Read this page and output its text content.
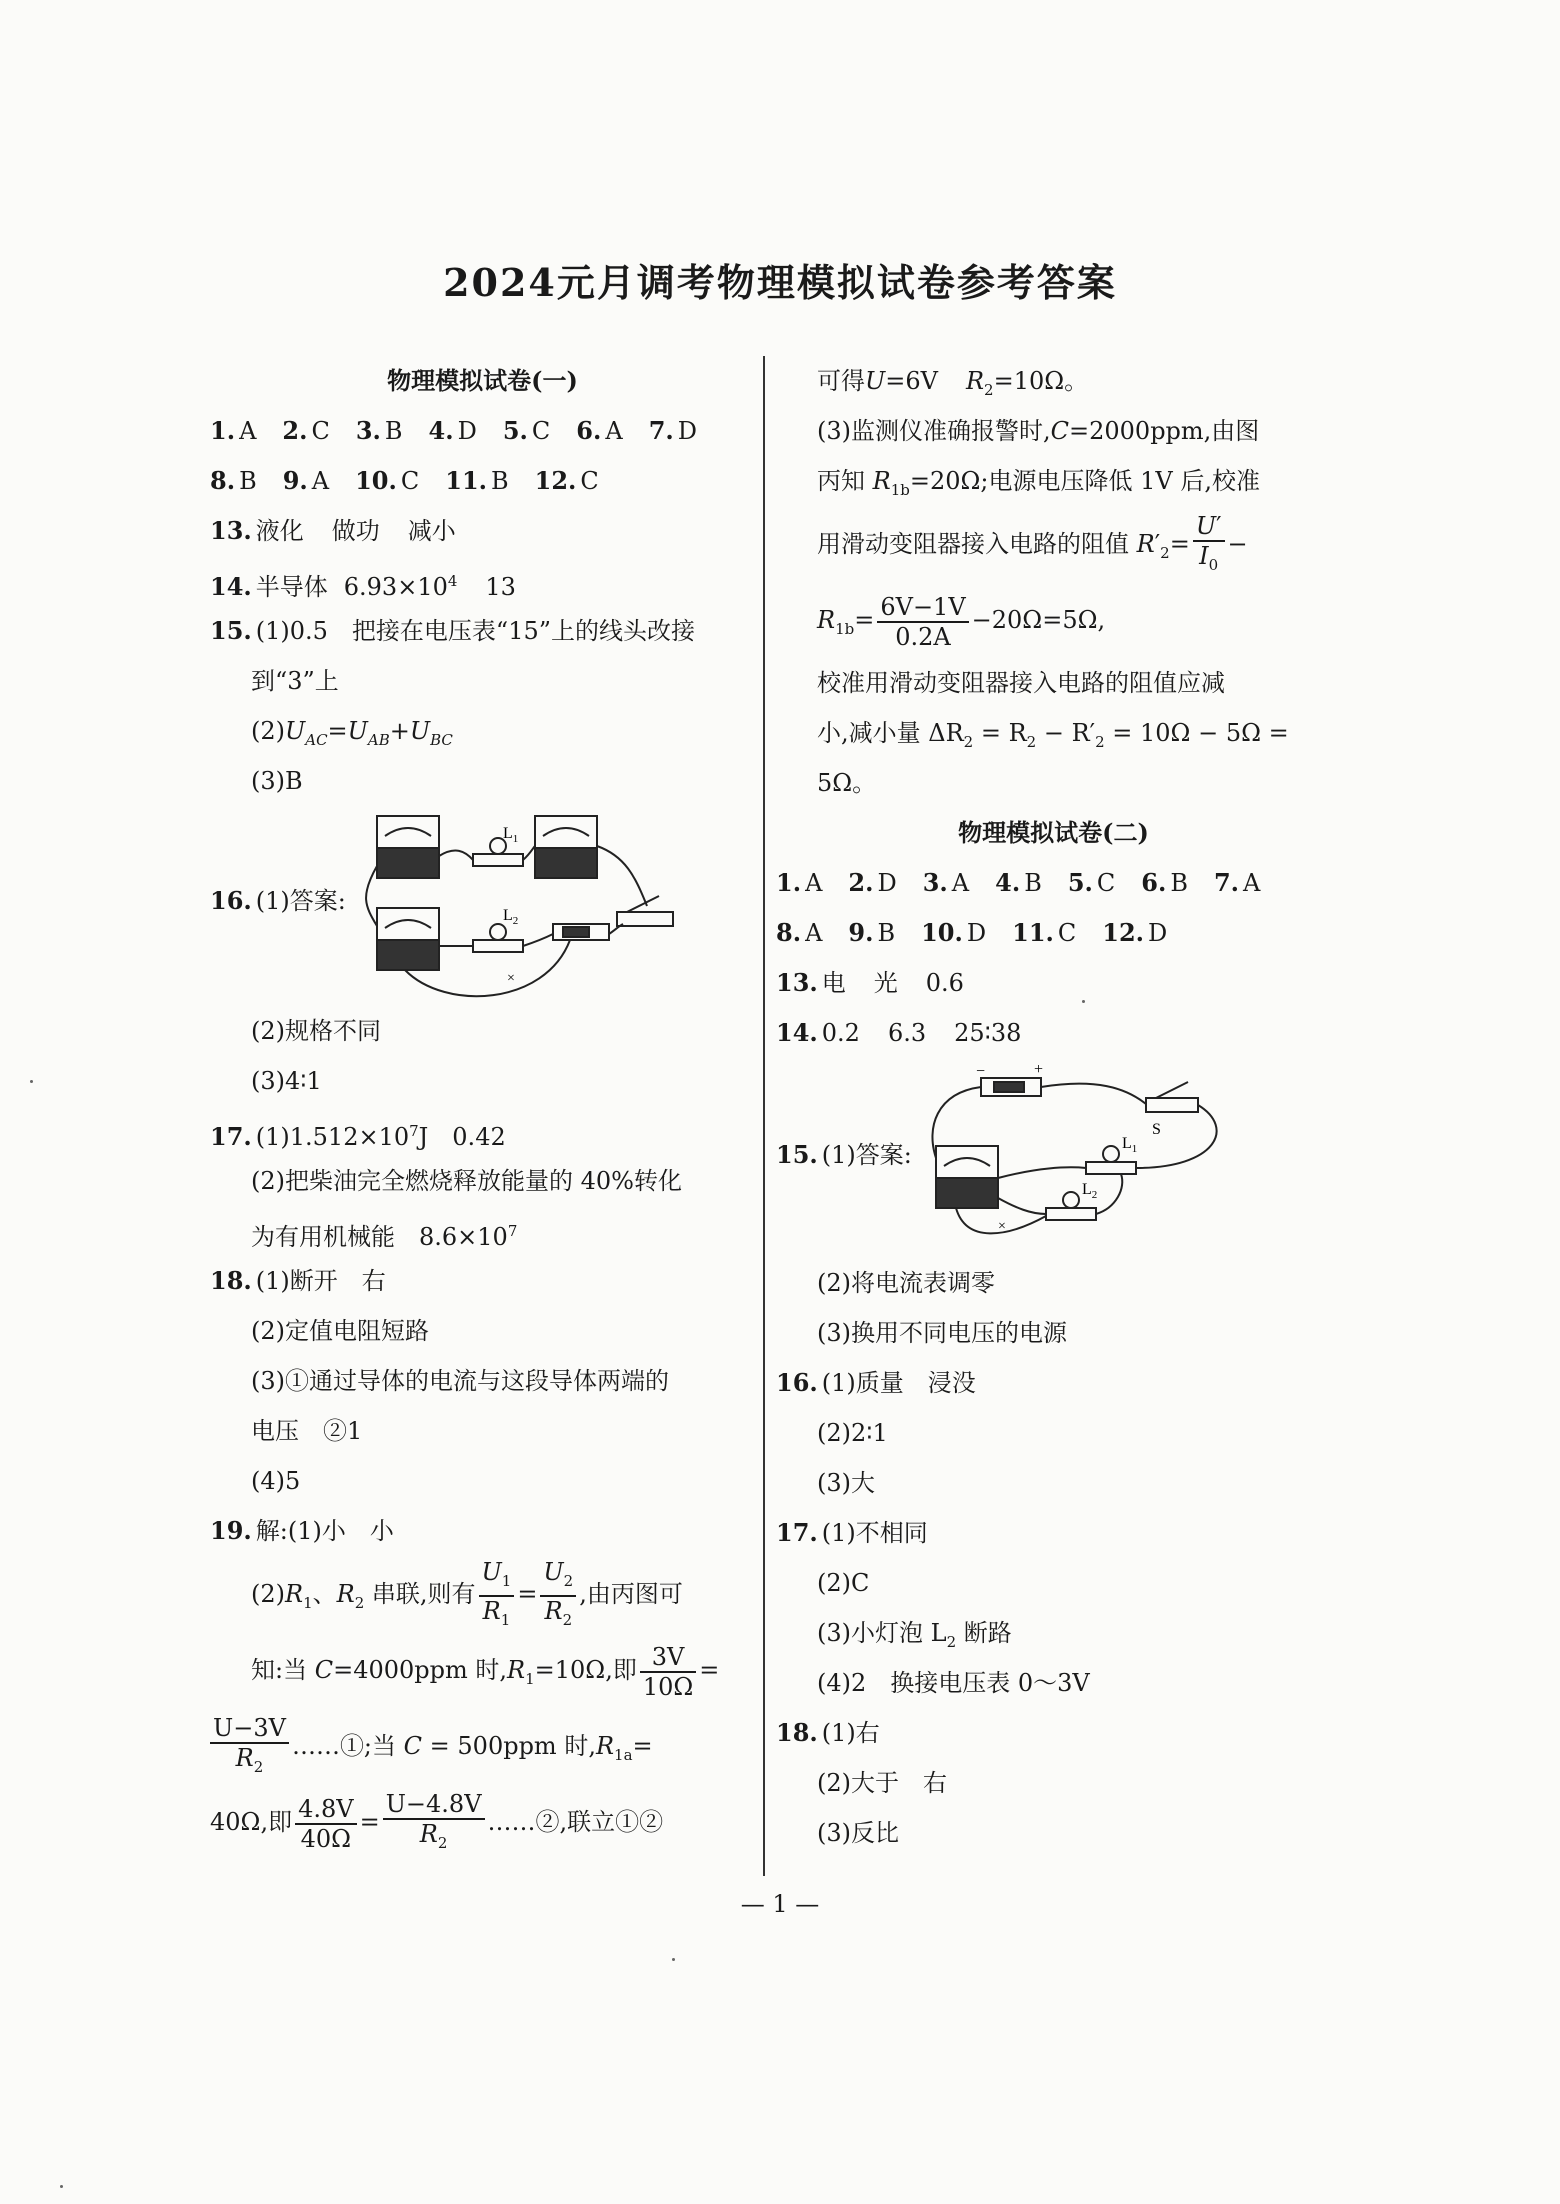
2024元月调考物理模拟试卷参考答案
物理模拟试卷(一)
1. A 2. C 3. B 4. D 5. C 6. A 7. D
8. B 9. A 10. C 11. B 12. C
13. 液化 做功 减小
14. 半导体 $6.93\times 10^4$ 13
15. (1)0.5　把接在电压表“15”上的线头改接
到“3”上
$(2)U_{AC}=U_{AB}+U_{BC}$
(3)B
16. (1)答案:
$L_1$
$L_2$
×
(2)规格不同
(3)4∶1
17. $(1)1.512\times 10^7J$　0.42
(2)把柴油完全燃烧释放能量的 40%转化
为有用机械能　$8.6\times 10^7$
18. (1)断开　右
(2)定值电阻短路
(3)①通过导体的电流与这段导体两端的
电压　②1
(4)5
19. 解:(1)小　小
$(2)R_1$、$R_2$ 串联,则有 $\frac{U_1}{R_1} = \frac{U_2}{R_2}$ ,由丙图可
知:当 C=4000ppm 时$,R_1=10\Omega$,即 $\frac{3V}{10\Omega}$ =
$\frac{U-3V}{R_2}$ ……①;当 C = 500ppm 时$,R_{1a}=$
40Ω,即 $\frac{4.8V}{40\Omega} = \frac{U-4.8V}{R_2}$ ……②,联立①②
可得U=6V $R_2=10\Omega$。
(3)监测仪准确报警时,C=2000ppm,由图
丙知 $R_{1b}=20\Omega$;电源电压降低 1V 后,校准
用滑动变阻器接入电路的阻值 $R'_2= \frac{U'}{I_0}$ −
$R_{1b}= \frac{6V-1V}{0.2A} -20\Omega=5\Omega$,
校准用滑动变阻器接入电路的阻值应减
小,减小量 $\Delta R_2 = R_2 - R'_2 = 10\Omega - 5\Omega$ =
5Ω。
物理模拟试卷(二)
1. A 2. D 3. A 4. B 5. C 6. B 7. A
8. A 9. B 10. D 11. C 12. D
13. 电 光 0.6
14. 0.2 6.3 25∶38
15. (1)答案:
−	+
S
$L_1$
$L_2$
×
(2)将电流表调零
(3)换用不同电压的电源
16. (1)质量　浸没
(2)2∶1
(3)大
17. (1)不相同
(2)C
(3)小灯泡 $L_2$ 断路
(4)2　换接电压表 0～3V
18. (1)右
(2)大于　右
(3)反比
— 1 —
